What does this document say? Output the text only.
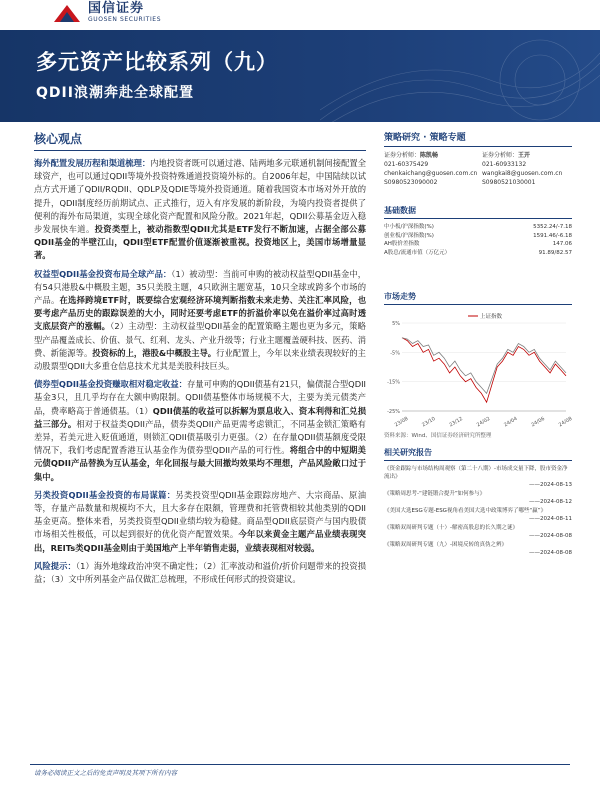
国信证券
GUOSEN SECURITIES
多元资产比较系列（九）
QDII浪潮奔赴全球配置
核心观点

海外配置发展历程和渠道梳理：内地投资者既可以通过港、陆两地多元联通机制间接配置全球资产，也可以通过QDII等境外投资特殊通道投资境外标的。自2006年起，中国陆续以试点方式开通了QDII/RQDII、QDLP及QDIE等境外投资通道。随着我国资本市场对外开放的提升，QDII制度经历前期试点、正式推行，迈入有序发展的新阶段，为境内投资者提供了便利的海外布局渠道，实现全球化资产配置和风险分散。2021年起，QDII公募基金迈入稳步发展快车道。投资类型上，被动指数型QDII尤其是ETF发行不断加速，占据全部公募QDII基金的半壁江山，QDII型ETF配置价值逐渐被重视。投资地区上，美国市场增量显著。

权益型QDII基金投资布局全球产品：（1）被动型：当前可申购的被动权益型QDII基金中，有54只港股&中概股主题，35只美股主题，4只欧洲主题宽基，10只全球或跨多个市场的产品。在选择跨境ETF时，既要综合宏观经济环境判断指数未来走势、关注汇率风险，也要考虑产品历史的跟踪误差的大小，同时还要考虑ETF的折溢价率以免在溢价率过高时透支底层资产的涨幅。（2）主动型：主动权益型QDII基金的配置策略主题也更为多元，策略型产品覆盖成长、价值、景气、红利、龙头、产业升级等；行业主题覆盖硬科技、医药、消费、新能源等。投资标的上，港股&中概股主导。行业配置上，今年以来业绩表现较好的主动股票型QDII大多重仓信息技术尤其是美股科技巨头。

债券型QDII基金投资赚取相对稳定收益：存量可申购的QDII债基有21只，偏债混合型QDII基金3只，且几乎均存在大额申购限制。QDII债基整体市场规模不大，主要为美元债类产品，费率略高于普通债基。（1）QDII债基的收益可以拆解为票息收入、资本利得和汇兑损益三部分。相对于权益类QDII产品，债券类QDII产品更需考虑锁汇，不同基金锁汇策略有差异，若美元进入贬值通道，则锁汇QDII债基吸引力更强。（2）在存量QDII债基额度受限情况下，我们考虑配置香港互认基金作为债券型QDII产品的可行性。将组合中的中短期美元债QDII产品替换为互认基金，年化回报与最大回撤均效果均不理想，产品风险敞口过于集中。

另类投资QDII基金投资的布局谋篇：另类投资型QDII基金跟踪房地产、大宗商品、原油等，存量产品数量和规模均不大，且大多存在限额，管理费和托管费相较其他类别的QDII基金更高。整体来看，另类投资型QDII业绩均较为稳健。商品型QDII底层资产与国内股债市场相关性极低，可以起到很好的优化资产配置效果。今年以来黄金主题产品业绩表现突出，REITs类QDII基金则由于美国地产上半年销售走弱，业绩表现相对较弱。

风险提示：（1）海外地缘政治冲突不确定性；（2）汇率波动和溢价/折价问题带来的投资损益；（3）文中所列基金产品仅做汇总梳理，不形成任何形式的投资建议。

策略研究 · 策略专题
证券分析师：陈凯畅
021-60375429
chenkaichang@guosen.com.cn
S0980523090002
证券分析师：王开
021-60933132
wangkai8@guosen.com.cn
S0980521030001
基础数据
中小板/沪深指数(%)	5352.24/-7.18
创业板/沪深指数(%)	1591.46/-6.18
AH股价差指数	147.06
A股总/流通市值（万亿元）	91.89/82.57
市场走势
-25%
-15%
-5%
5%
23/08 23/10 23/12 24/02 24/04 24/06 24/08
上证指数
资料来源：Wind、国信证券经济研究所整理
相关研究报告
《资金跟踪与市场结构周观察（第二十八期）-市场成交量下降，股市资金净流出》
——2024-08-13
《策略周思考-“建链锻合提升”如何参与》
——2024-08-12
《美国大选ESG专题-ESG视角看美国大选中政策博弈了哪些“赢”》
——2024-08-11
《策略双周研判专题（十）-解密高股息的长久期之谜》
——2024-08-08
《策略双周研判专题（九）-困境反转的真伪之辨》
——2024-08-08
请务必阅读正文之后的免责声明及其项下所有内容
